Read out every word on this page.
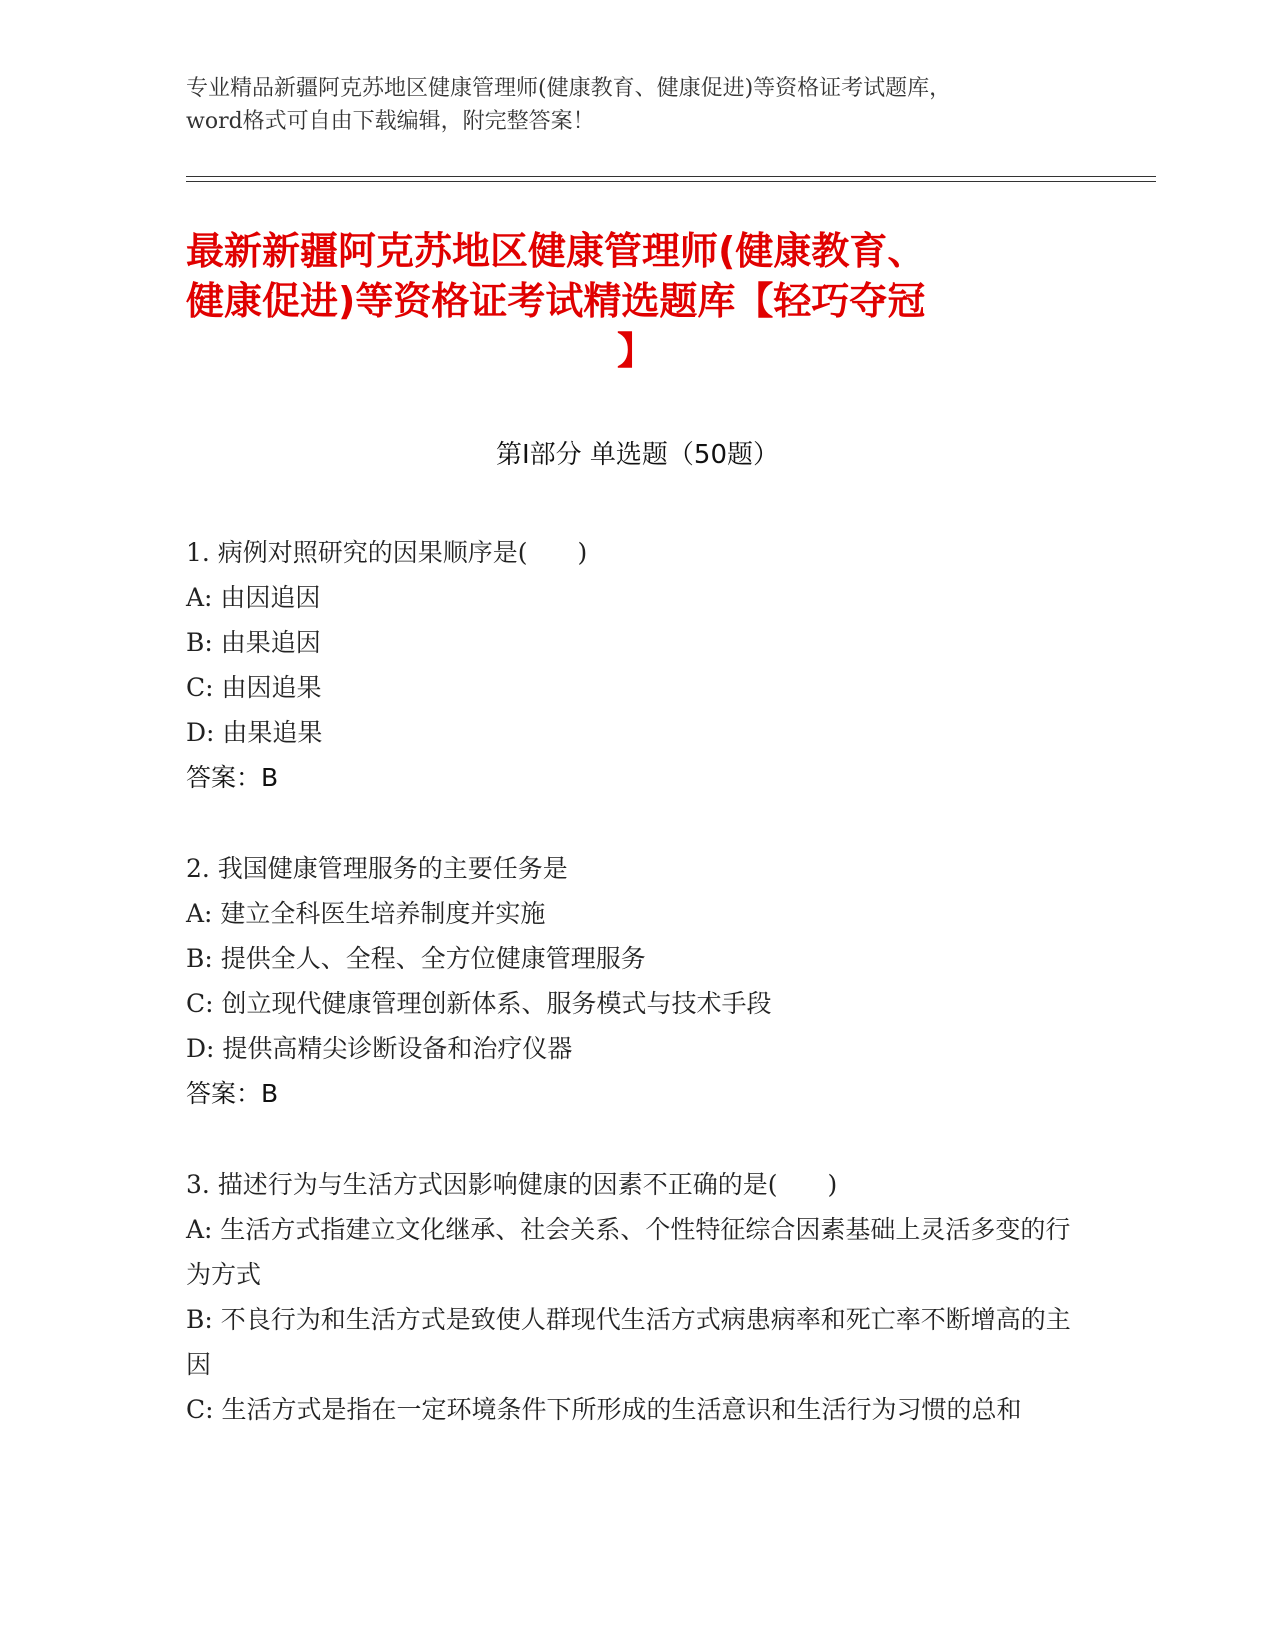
专业精品新疆阿克苏地区健康管理师(健康教育、健康促进)等资格证考试题库，
word格式可自由下载编辑，附完整答案！
最新新疆阿克苏地区健康管理师(健康教育、
健康促进)等资格证考试精选题库【轻巧夺冠
】
第Ⅰ部分 单选题（50题）
1. 病例对照研究的因果顺序是(　　)
A: 由因追因
B: 由果追因
C: 由因追果
D: 由果追果
答案：B
2. 我国健康管理服务的主要任务是
A: 建立全科医生培养制度并实施
B: 提供全人、全程、全方位健康管理服务
C: 创立现代健康管理创新体系、服务模式与技术手段
D: 提供高精尖诊断设备和治疗仪器
答案：B
3. 描述行为与生活方式因影响健康的因素不正确的是(　　)
A: 生活方式指建立文化继承、社会关系、个性特征综合因素基础上灵活多变的行为方式
B: 不良行为和生活方式是致使人群现代生活方式病患病率和死亡率不断增高的主因
C: 生活方式是指在一定环境条件下所形成的生活意识和生活行为习惯的总和
